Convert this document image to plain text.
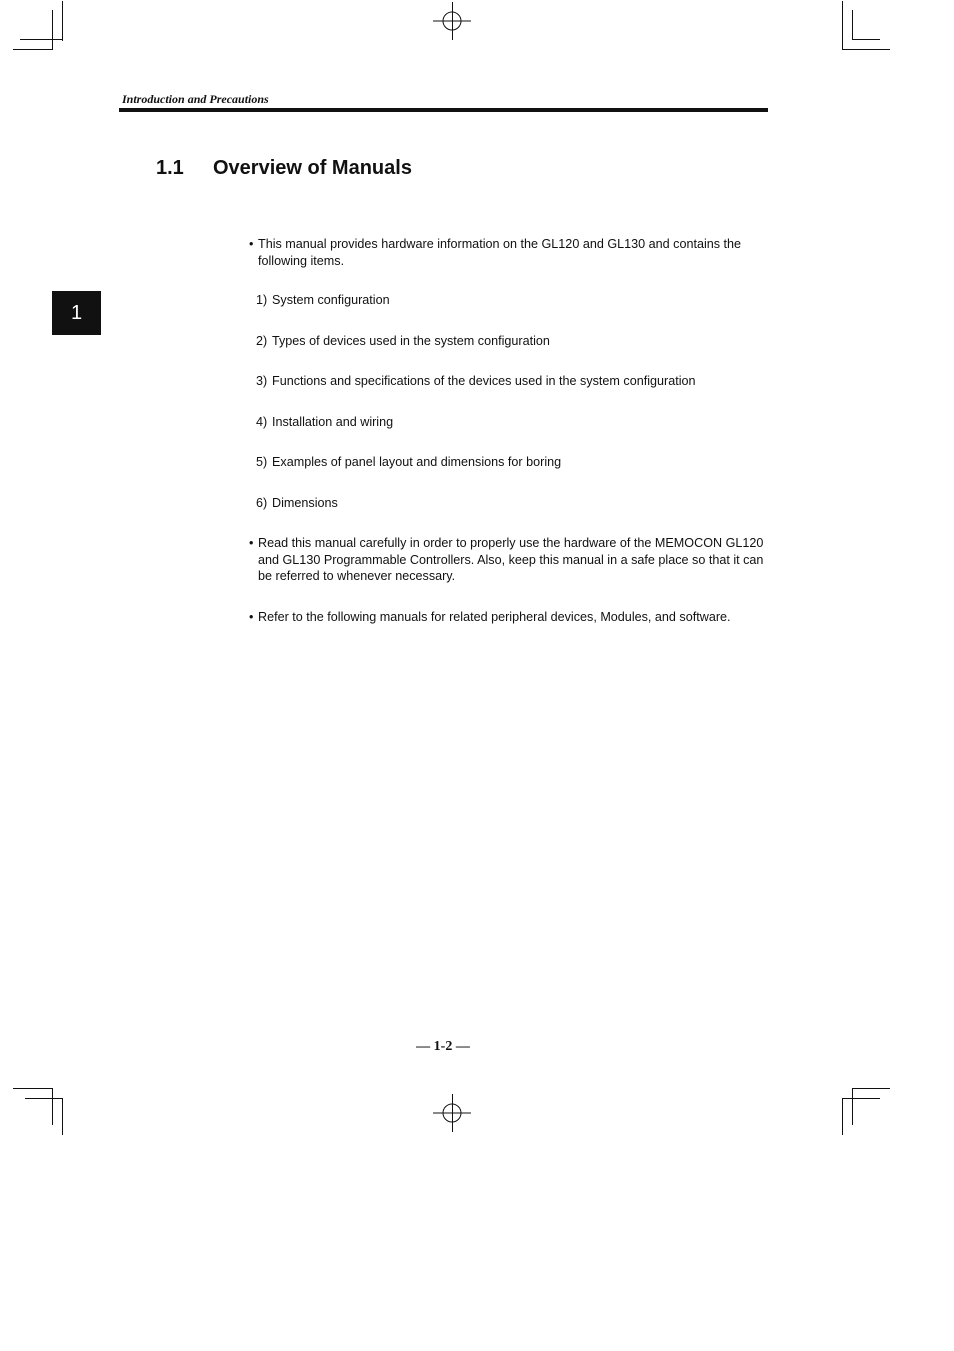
Introduction and Precautions
1
1.1 Overview of Manuals
• This manual provides hardware information on the GL120 and GL130 and contains the following items.
1) System configuration
2) Types of devices used in the system configuration
3) Functions and specifications of the devices used in the system configuration
4) Installation and wiring
5) Examples of panel layout and dimensions for boring
6) Dimensions
• Read this manual carefully in order to properly use the hardware of the MEMOCON GL120 and GL130 Programmable Controllers. Also, keep this manual in a safe place so that it can be referred to whenever necessary.
• Refer to the following manuals for related peripheral devices, Modules, and software.
— 1-2 —
